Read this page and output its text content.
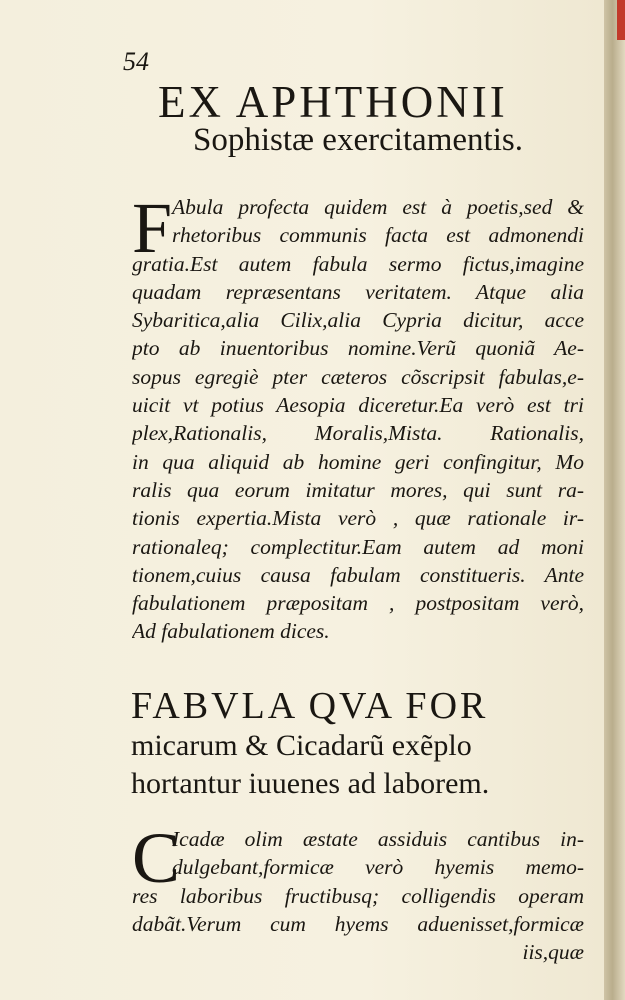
54
EX APHTHONII
Sophistæ exercitamentis.
F Abula profecta quidem est à poetis,sed &
rhetoribus communis facta est admonendi
gratia.Est autem fabula sermo fictus,imagine
quadam repræsentans veritatem. Atque alia
Sybaritica,alia Cilix,alia Cypria dicitur, acce
pto ab inuentoribus nomine.Verũ quoniã Ae-
sopus egregiè pter cæteros cõscripsit fabulas,e-
uicit vt potius Aesopia diceretur.Ea verò est tri
plex,Rationalis, Moralis,Mista. Rationalis,
in qua aliquid ab homine geri confingitur, Mo
ralis qua eorum imitatur mores, qui sunt ra-
tionis expertia.Mista verò , quæ rationale ir-
rationaleq; complectitur.Eam autem ad moni
tionem,cuius causa fabulam constitueris. Ante
fabulationem præpositam , postpositam verò,
Ad fabulationem dices.
FABVLA QVA FOR
micarum & Cicadarũ exẽplo
hortantur iuuenes ad laborem.
C
Icadæ olim æstate assiduis cantibus in-
dulgebant,formicæ verò hyemis memo-
res laboribus fructibusq; colligendis operam
dabãt.Verum cum hyems aduenisset,formicæ
iis,quæ
